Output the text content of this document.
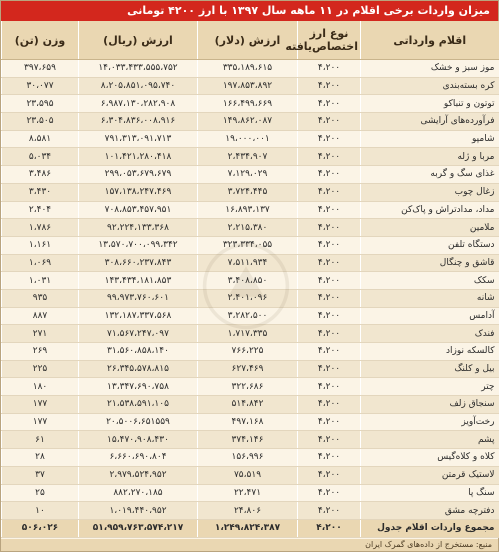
میزان واردات برخی اقلام در ۱۱ ماهه سال ۱۳۹۷ با ارز ۴۲۰۰ تومانی
اقلام وارداتی	نوع ارز اختصاص‌یافته	ارزش (دلار)	ارزش (ریال)	وزن (تن)
موز سبز و خشک	۴،۲۰۰	۳۳۵،۱۸۹،۶۱۵	۱۴،۰۳۳،۴۳۳،۵۵۵،۷۵۲	۳۹۷،۶۵۹
کره بسته‌بندی	۴،۲۰۰	۱۹۷،۸۵۳،۸۹۲	۸،۲۰۵،۸۵۱،۰۹۵،۷۴۰	۳۰،۰۷۷
توتون و تنباکو	۴،۲۰۰	۱۶۶،۴۹۹،۶۶۹	۶،۹۸۷،۱۳۰،۲۸۲،۹۰۸	۲۳،۵۹۵
فرآورده‌های آرایشی	۴،۲۰۰	۱۴۹،۸۶۲،۰۸۷	۶،۳۰۴،۸۳۶،۰۰۸،۹۱۶	۲۳،۵۰۵
شامپو	۴،۲۰۰	۱۹،۰۰۰،۰۰۱	۷۹۱،۳۱۳،۰۹۱،۷۱۳	۸،۵۸۱
مربا و ژله	۴،۲۰۰	۲،۴۳۴،۹۰۷	۱۰۱،۴۲۱،۲۸۰،۴۱۸	۵،۰۳۴
غذای سگ و گربه	۴،۲۰۰	۷،۱۲۹،۰۲۹	۲۹۹،۰۵۳،۶۷۹،۶۷۹	۳،۴۸۶
زغال چوب	۴،۲۰۰	۳،۷۲۴،۴۴۵	۱۵۷،۱۳۸،۲۴۷،۴۶۹	۳،۴۳۰
مداد، مدادتراش و پاک‌کن	۴،۲۰۰	۱۶،۸۹۳،۱۳۷	۷۰۸،۸۵۳،۴۵۷،۹۵۱	۲،۴۰۴
ملامین	۴،۲۰۰	۲،۲۱۵،۳۸۰	۹۲،۲۲۴،۱۳۳،۳۶۸	۱،۷۸۶
دستگاه تلفن	۴،۲۰۰	۳۲۳،۳۳۴،۰۵۵	۱۳،۵۷۰،۷۰۰،۰۹۹،۳۴۲	۱،۱۶۱
قاشق و چنگال	۴،۲۰۰	۷،۵۱۱،۹۳۴	۳۰۸،۶۶۰،۲۳۷،۸۴۳	۱،۰۶۹
سکک	۴،۲۰۰	۳،۴۰۸،۸۵۰	۱۴۳،۴۳۴،۱۸۱،۸۵۳	۱،۰۳۱
شانه	۴،۲۰۰	۲،۴۰۱،۰۹۶	۹۹،۹۷۳،۷۶۰،۶۰۱	۹۳۵
آدامس	۴،۲۰۰	۳،۲۸۲،۵۰۰	۱۳۲،۱۸۷،۳۳۷،۵۶۸	۸۸۷
فندک	۴،۲۰۰	۱،۷۱۷،۳۳۵	۷۱،۵۶۷،۲۴۷،۰۹۷	۲۷۱
کالسکه نوزاد	۴،۲۰۰	۷۶۶،۲۲۵	۳۱،۵۶۰،۸۵۸،۱۴۰	۲۶۹
بیل و کلنگ	۴،۲۰۰	۶۲۷،۴۶۹	۲۶،۳۴۵،۵۷۸،۸۱۵	۲۲۵
چتر	۴،۲۰۰	۳۲۲،۶۸۶	۱۳،۳۴۷،۶۹۰،۷۵۸	۱۸۰
سنجاق زلف	۴،۲۰۰	۵۱۴،۸۴۲	۲۱،۵۳۸،۵۹۱،۱۰۵	۱۷۷
رخت‌آویز	۴،۲۰۰	۴۹۷،۱۶۸	۲۰،۵۰۰۶،۶۵۱۵۵۹	۱۷۷
پشم	۴،۲۰۰	۳۷۴،۱۴۶	۱۵،۴۷۰،۹۰۸،۴۳۰	۶۱
کلاه و کلاه‌گیس	۴،۲۰۰	۱۵۶،۹۹۶	۶،۶۶۰،۶۹۰،۸۰۴	۲۸
لاستیک قرمتن	۴،۲۰۰	۷۵،۵۱۹	۲،۹۷۹،۵۲۴،۹۵۲	۳۷
سنگ پا	۴،۲۰۰	۲۲،۴۷۱	۸۸۲،۲۷۰،۱۸۵	۲۵
دفترچه مشق	۴،۲۰۰	۲۴،۸۰۶	۱،۰۱۹،۴۴۰،۹۵۲	۱۰
مجموع واردات اقلام جدول	۴،۲۰۰	۱،۲۴۹،۸۲۴،۳۸۷	۵۱،۹۵۹،۷۶۳،۵۷۴،۲۱۷	۵۰۶،۰۲۶
منبع: مستخرج از داده‌های گمرک ایران
